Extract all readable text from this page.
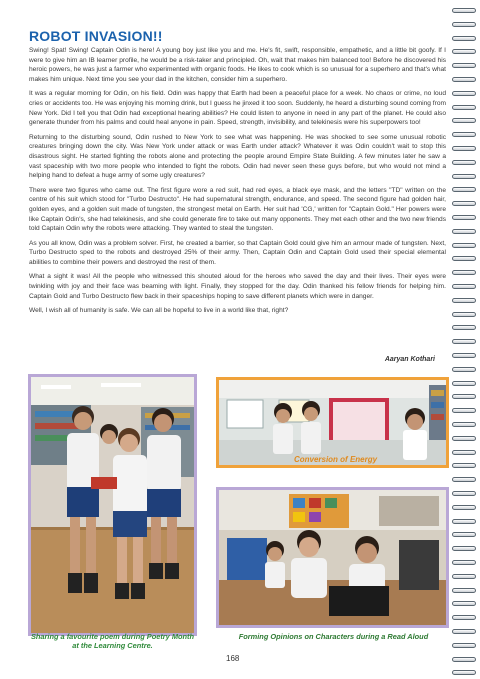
ROBOT INVASION!!

Swing! Spat! Swing! Captain Odin is here! A young boy just like you and me. He's fit, swift, responsible, empathetic, and a little bit goofy. If I were to give him an IB learner profile, he would be a risk-taker and principled. Oh, wait that makes him balanced too! Before he discovered his heroic powers, he was just a farmer who experimented with organic foods. He likes to cook which is so unusual for a superhero and that's what makes him unique. Next time you see your dad in the kitchen, consider him a superhero.

It was a regular morning for Odin, on his field. Odin was happy that Earth had been a peaceful place for a week. No chaos or crime, no loud cries or accidents too. He was enjoying his morning drink, but I guess he jinxed it too soon. Suddenly, he heard a disturbing sound coming from New York. Did I tell you that Odin had exceptional hearing abilities? He could listen to anyone in need in any part of the planet. He could also generate thunder from his palms and could heal anyone in pain. Speed, strength, invisibility, and telekinesis were his superpowers too!

Returning to the disturbing sound, Odin rushed to New York to see what was happening. He was shocked to see some unusual robotic creatures bringing down the city. Was New York under attack or was Earth under attack? Whatever it was Odin couldn't wait to stop this disastrous sight. He started fighting the robots alone and protecting the people around Empire State Building. A few minutes later he saw a vast spaceship with two more people who intended to fight the robots. Odin had never seen these guys before, but who would not mind a helping hand to defeat a huge army of some ugly creatures?

There were two figures who came out. The first figure wore a red suit, had red eyes, a black eye mask, and the letters "TD" written on the centre of his suit which stood for "Turbo Destructo". He had supernatural strength, endurance, and speed. The second figure had golden hair, golden eyes, and a golden suit made of tungsten, the strongest metal on Earth. Her suit had 'CG,' written for "Captain Gold." Her powers were like Captain Odin's, she had telekinesis, and she could generate fire to take out many opponents. They met each other and the two new friends told Captain Odin why the robots were attacking. They wanted to steal the tungsten.

As you all know, Odin was a problem solver. First, he created a barrier, so that Captain Gold could give him an armour made of tungsten. Next, Turbo Destructo sped to the robots and destroyed 25% of their army. Then, Captain Odin and Captain Gold used their special elemental abilities to combine their powers and destroyed the rest of them.

What a sight it was! All the people who witnessed this shouted aloud for the heroes who saved the day and their lives. Their eyes were twinkling with joy and their face was beaming with light. Finally, they stopped for the day. Odin thanked his fellow friends for helping him. Captain Gold and Turbo Destructo flew back in their spaceships hoping to save different planets which were in danger.

Well, I wish all of humanity is safe. We can all be hopeful to live in a world like that, right?

Aaryan Kothari
Sharing a favourite poem during Poetry Month at the Learning Centre.
Conversion of Energy
Forming Opinions on Characters during a Read Aloud
168
